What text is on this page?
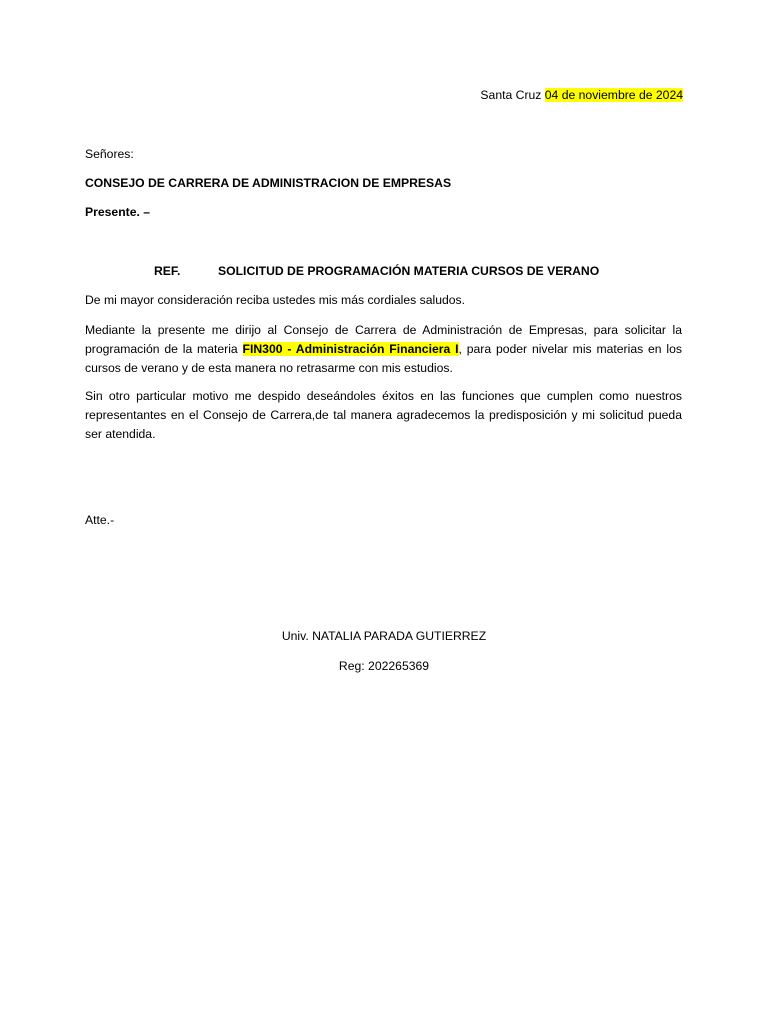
Santa Cruz 04 de noviembre de 2024
Señores:
CONSEJO DE CARRERA DE ADMINISTRACION DE EMPRESAS
Presente. –
REF.	SOLICITUD DE PROGRAMACIÓN MATERIA CURSOS DE VERANO
De mi mayor consideración reciba ustedes mis más cordiales saludos.
Mediante la presente me dirijo al Consejo de Carrera de Administración de Empresas, para solicitar la programación de la materia FIN300 - Administración Financiera I, para poder nivelar mis materias en los cursos de verano y de esta manera no retrasarme con mis estudios.
Sin otro particular motivo me despido deseándoles éxitos en las funciones que cumplen como nuestros representantes en el Consejo de Carrera,de tal manera agradecemos la predisposición y mi solicitud pueda ser atendida.
Atte.-
Univ. NATALIA PARADA GUTIERREZ
Reg: 202265369
